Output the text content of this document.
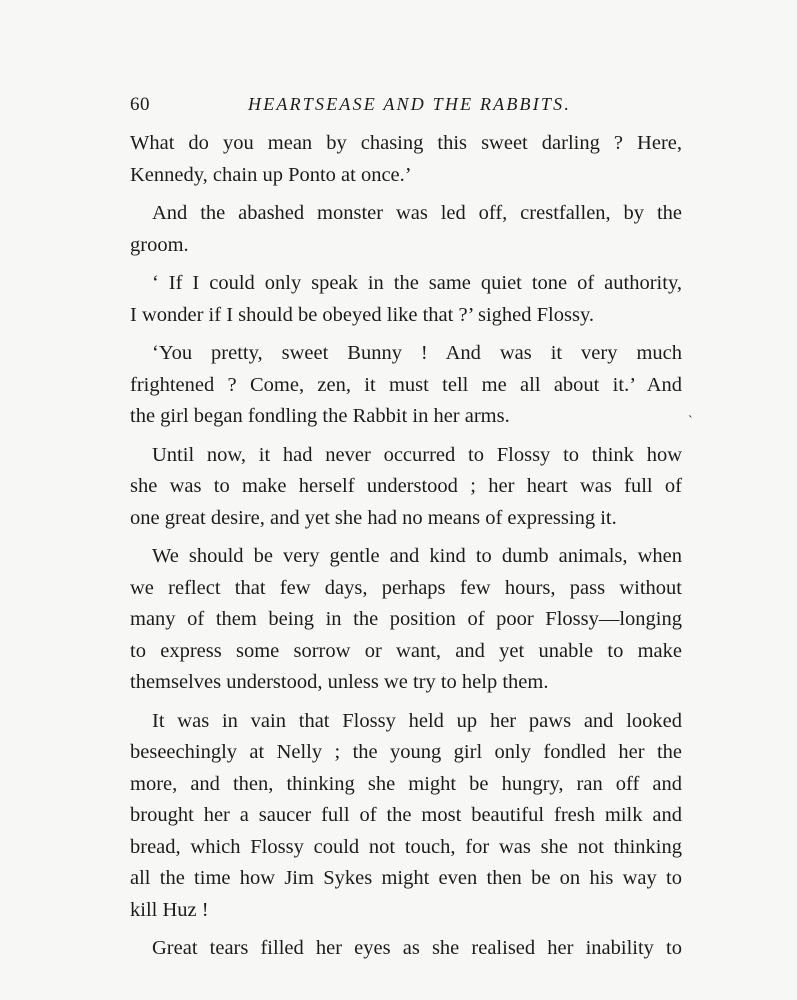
60	HEARTSEASE AND THE RABBITS.
What do you mean by chasing this sweet darling ? Here,
Kennedy, chain up Ponto at once.’
And the abashed monster was led off, crestfallen, by the
groom.
‘ If I could only speak in the same quiet tone of authority,
I wonder if I should be obeyed like that ?’ sighed Flossy.
‘You pretty, sweet Bunny ! And was it very much
frightened ? Come, zen, it must tell me all about it.’ And
the girl began fondling the Rabbit in her arms.
Until now, it had never occurred to Flossy to think how
she was to make herself understood ; her heart was full of
one great desire, and yet she had no means of expressing it.
We should be very gentle and kind to dumb animals, when
we reflect that few days, perhaps few hours, pass without
many of them being in the position of poor Flossy—longing
to express some sorrow or want, and yet unable to make
themselves understood, unless we try to help them.
It was in vain that Flossy held up her paws and looked
beseechingly at Nelly ; the young girl only fondled her the
more, and then, thinking she might be hungry, ran off and
brought her a saucer full of the most beautiful fresh milk and
bread, which Flossy could not touch, for was she not thinking
all the time how Jim Sykes might even then be on his way to
kill Huz !
Great tears filled her eyes as she realised her inability to
`
